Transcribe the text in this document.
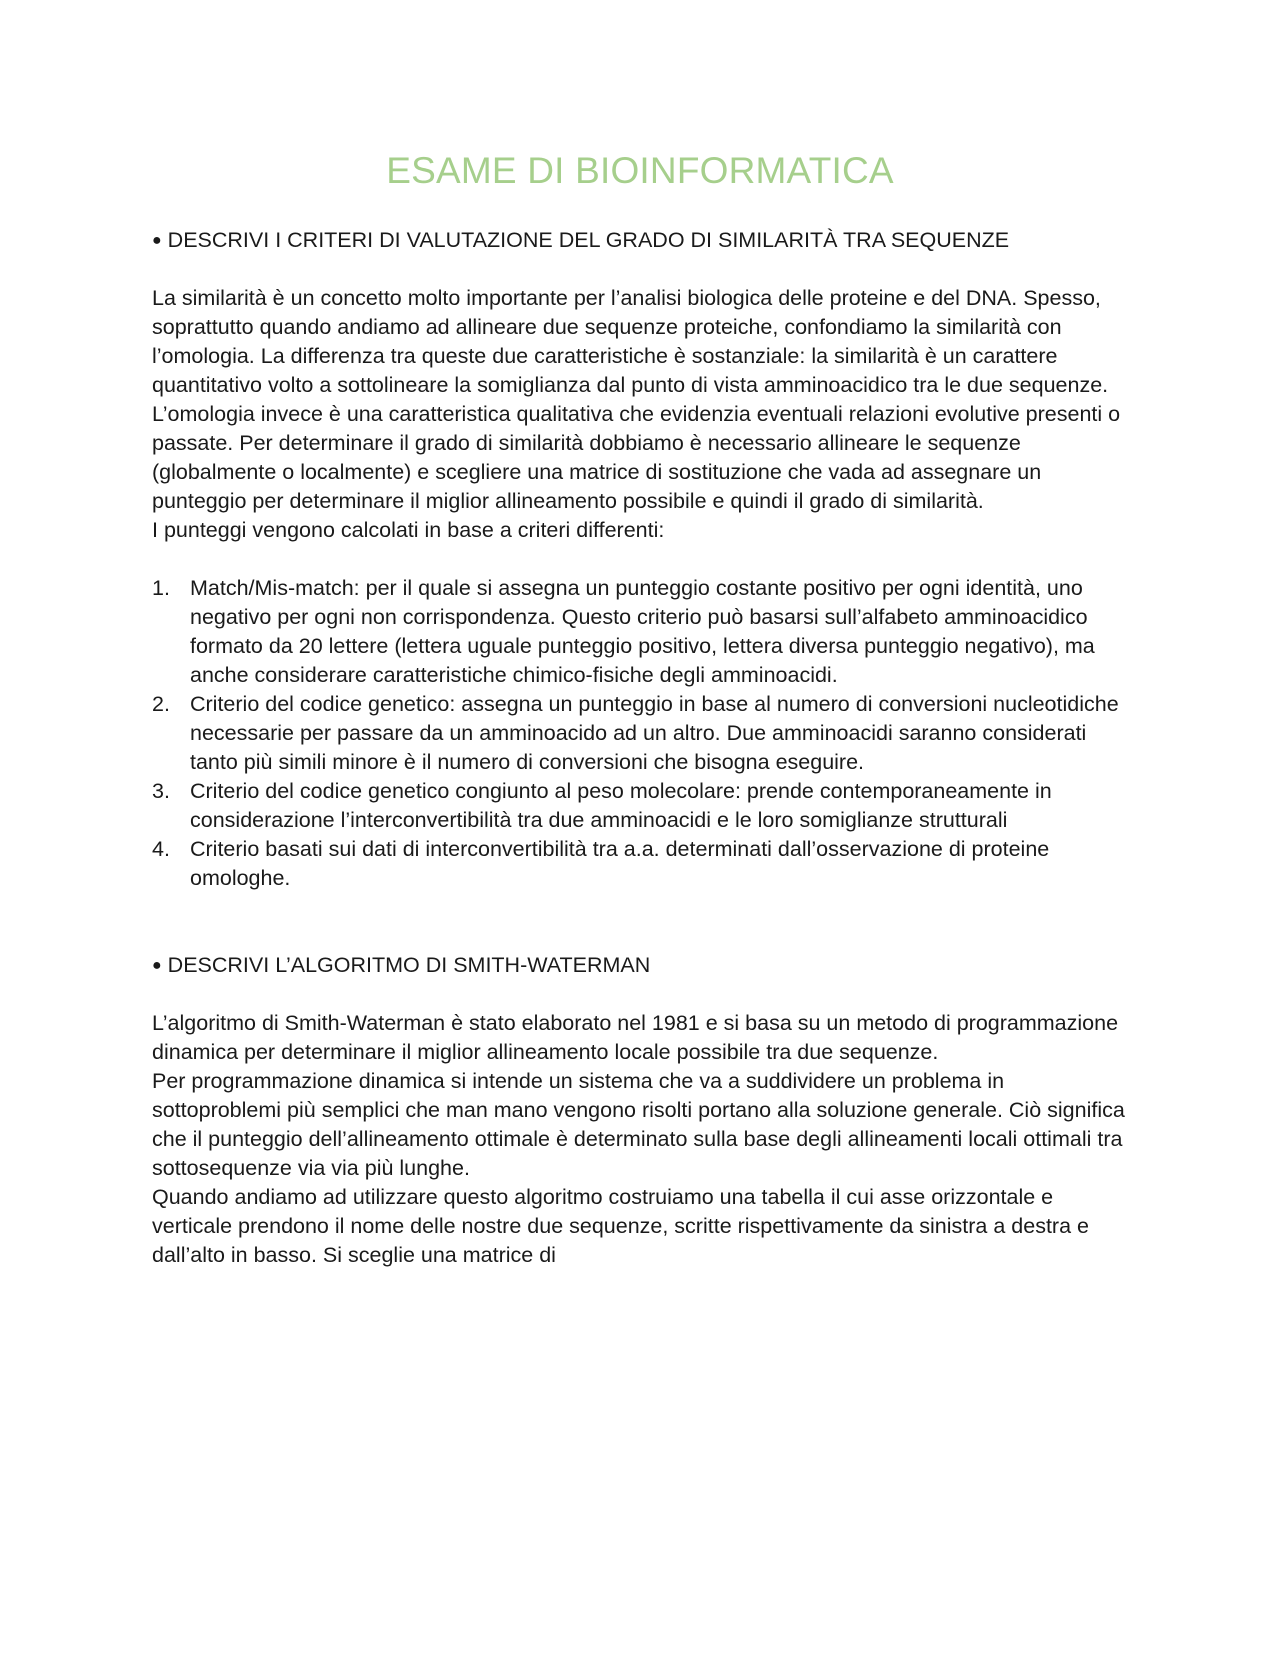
ESAME DI BIOINFORMATICA
● DESCRIVI I CRITERI DI VALUTAZIONE DEL GRADO DI SIMILARITÀ TRA SEQUENZE

La similarità è un concetto molto importante per l’analisi biologica delle proteine e del DNA. Spesso, soprattutto quando andiamo ad allineare due sequenze proteiche, confondiamo la similarità con l’omologia. La differenza tra queste due caratteristiche è sostanziale: la similarità è un carattere quantitativo volto a sottolineare la somiglianza dal punto di vista amminoacidico tra le due sequenze. L’omologia invece è una caratteristica qualitativa che evidenzia eventuali relazioni evolutive presenti o passate. Per determinare il grado di similarità dobbiamo è necessario allineare le sequenze (globalmente o localmente) e scegliere una matrice di sostituzione che vada ad assegnare un punteggio per determinare il miglior allineamento possibile e quindi il grado di similarità.

I punteggi vengono calcolati in base a criteri differenti:

1. Match/Mis-match: per il quale si assegna un punteggio costante positivo per ogni identità, uno negativo per ogni non corrispondenza. Questo criterio può basarsi sull’alfabeto amminoacidico formato da 20 lettere (lettera uguale punteggio positivo, lettera diversa punteggio negativo), ma anche considerare caratteristiche chimico-fisiche degli amminoacidi.
2. Criterio del codice genetico: assegna un punteggio in base al numero di conversioni nucleotidiche necessarie per passare da un amminoacido ad un altro. Due amminoacidi saranno considerati tanto più simili minore è il numero di conversioni che bisogna eseguire.
3. Criterio del codice genetico congiunto al peso molecolare: prende contemporaneamente in considerazione l’interconvertibilità tra due amminoacidi e le loro somiglianze strutturali
4. Criterio basati sui dati di interconvertibilità tra a.a. determinati dall’osservazione di proteine omologhe.
● DESCRIVI L’ALGORITMO DI SMITH-WATERMAN

L’algoritmo di Smith-Waterman è stato elaborato nel 1981 e si basa su un metodo di programmazione dinamica per determinare il miglior allineamento locale possibile tra due sequenze.

Per programmazione dinamica si intende un sistema che va a suddividere un problema in sottoproblemi più semplici che man mano vengono risolti portano alla soluzione generale. Ciò significa che il punteggio dell’allineamento ottimale è determinato sulla base degli allineamenti locali ottimali tra sottosequenze via via più lunghe.

Quando andiamo ad utilizzare questo algoritmo costruiamo una tabella il cui asse orizzontale e verticale prendono il nome delle nostre due sequenze, scritte rispettivamente da sinistra a destra e dall’alto in basso. Si sceglie una matrice di
